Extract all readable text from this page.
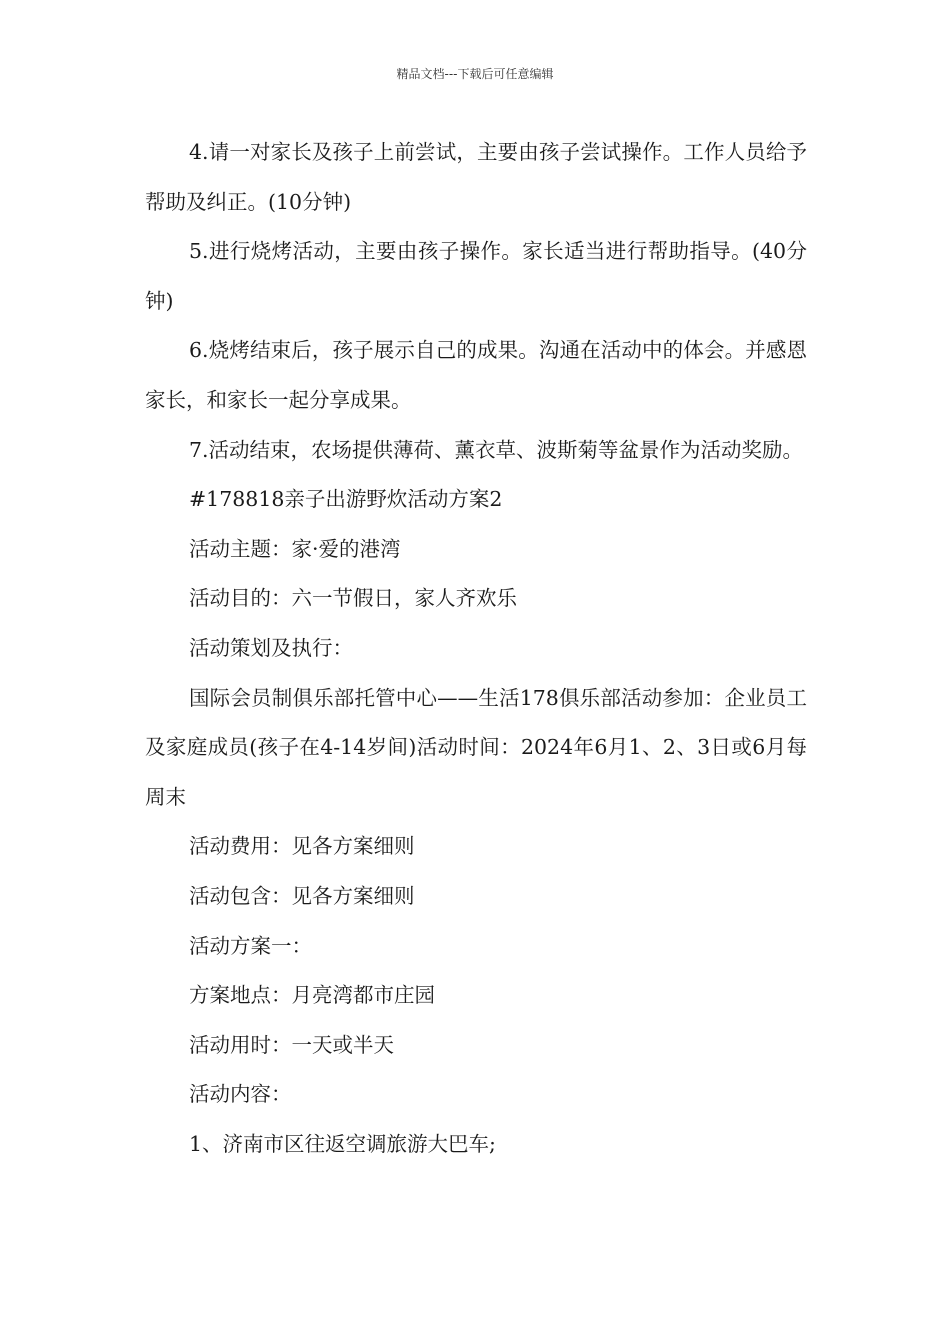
精品文档---下载后可任意编辑

4.请一对家长及孩子上前尝试，主要由孩子尝试操作。工作人员给予帮助及纠正。(10分钟)

5.进行烧烤活动，主要由孩子操作。家长适当进行帮助指导。(40分钟)

6.烧烤结束后，孩子展示自己的成果。沟通在活动中的体会。并感恩家长，和家长一起分享成果。

7.活动结束，农场提供薄荷、薰衣草、波斯菊等盆景作为活动奖励。

#178818亲子出游野炊活动方案2

活动主题：家·爱的港湾

活动目的：六一节假日，家人齐欢乐

活动策划及执行：

国际会员制俱乐部托管中心——生活178俱乐部活动参加：企业员工及家庭成员(孩子在4-14岁间)活动时间：2024年6月1、2、3日或6月每周末

活动费用：见各方案细则

活动包含：见各方案细则

活动方案一：

方案地点：月亮湾都市庄园

活动用时：一天或半天

活动内容：

1、济南市区往返空调旅游大巴车;
